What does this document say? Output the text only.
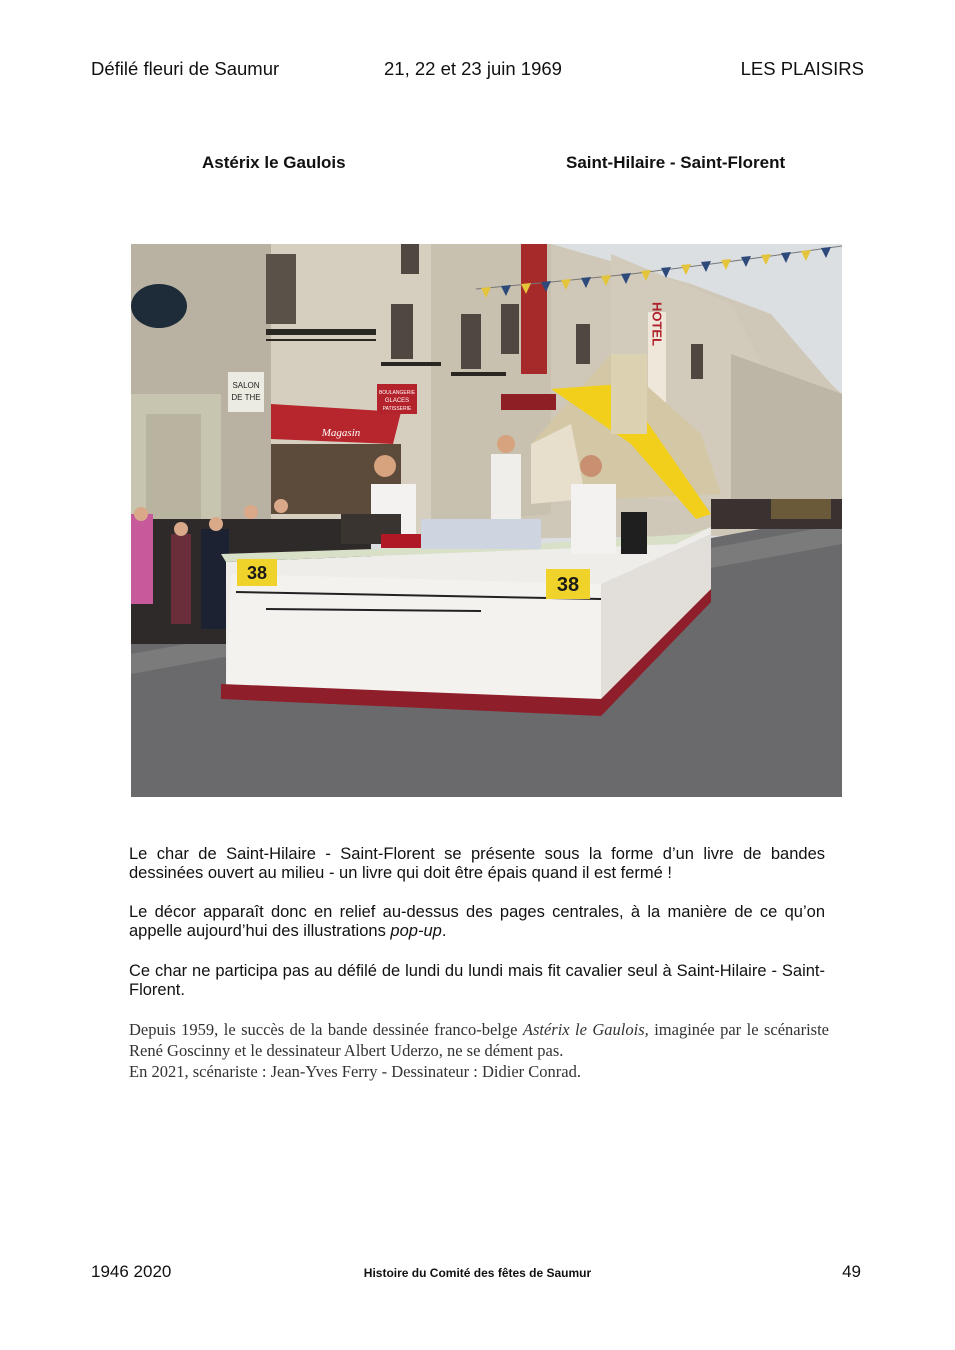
Défilé fleuri de Saumur	21, 22 et 23 juin 1969	LES PLAISIRS
Astérix le Gaulois	Saint-Hilaire - Saint-Florent
HOTEL
SALON
DE THE	BOULANGERIE
GLACES
PATISSERIE
Magasin
38
38

Le char de Saint-Hilaire - Saint-Florent se présente sous la forme d’un livre de bandes dessinées ouvert au milieu - un livre qui doit être épais quand il est fermé !

Le décor apparaît donc en relief au-dessus des pages centrales, à la manière de ce qu’on appelle aujourd’hui des illustrations pop-up.

Ce char ne participa pas au défilé de lundi du lundi mais fit cavalier seul à Saint-Hilaire - Saint-Florent.

Depuis 1959, le succès de la bande dessinée franco-belge Astérix le Gaulois, imaginée par le scénariste René Goscinny et le dessinateur Albert Uderzo, ne se dément pas.

En 2021, scénariste : Jean-Yves Ferry - Dessinateur : Didier Conrad.

1946 2020	Histoire du Comité des fêtes de Saumur	49
